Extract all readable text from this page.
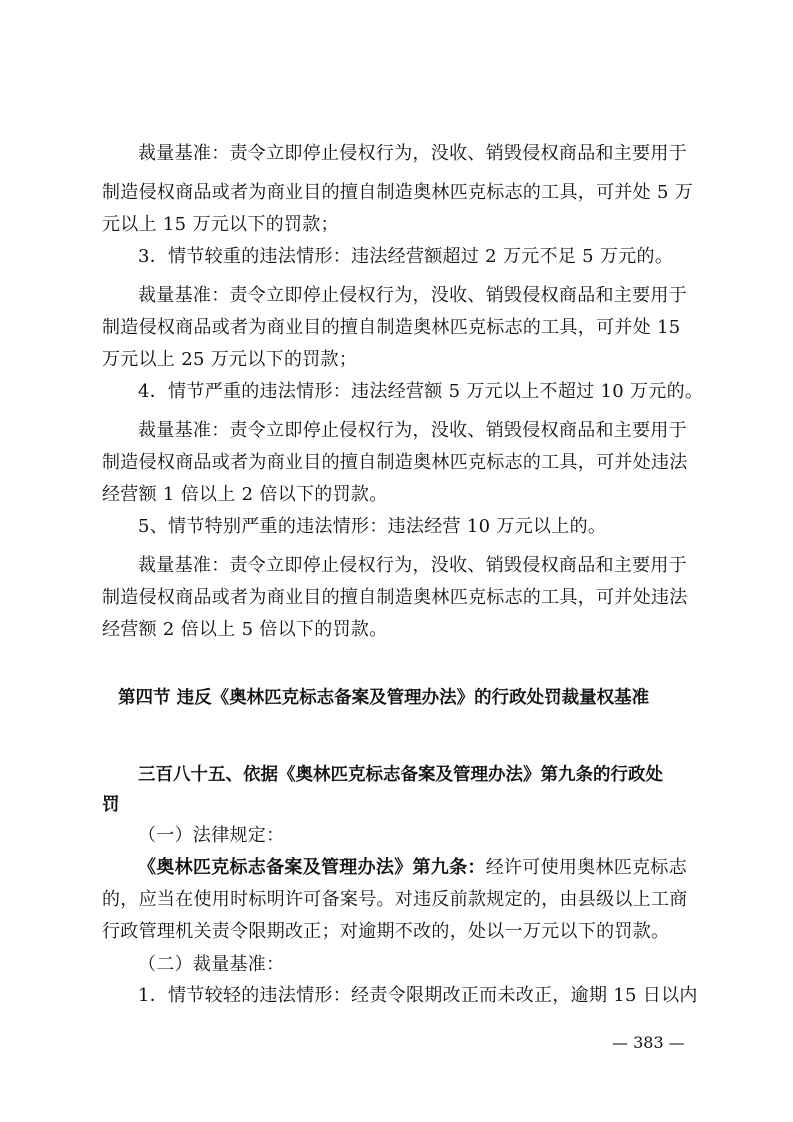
裁量基准：责令立即停止侵权行为，没收、销毁侵权商品和主要用于
制造侵权商品或者为商业目的擅自制造奥林匹克标志的工具，可并处 5 万
元以上 15 万元以下的罚款；
3．情节较重的违法情形：违法经营额超过 2 万元不足 5 万元的。
裁量基准：责令立即停止侵权行为，没收、销毁侵权商品和主要用于
制造侵权商品或者为商业目的擅自制造奥林匹克标志的工具，可并处 15
万元以上 25 万元以下的罚款；
4．情节严重的违法情形：违法经营额 5 万元以上不超过 10 万元的。
裁量基准：责令立即停止侵权行为，没收、销毁侵权商品和主要用于
制造侵权商品或者为商业目的擅自制造奥林匹克标志的工具，可并处违法
经营额 1 倍以上 2 倍以下的罚款。
5、情节特别严重的违法情形：违法经营 10 万元以上的。
裁量基准：责令立即停止侵权行为，没收、销毁侵权商品和主要用于
制造侵权商品或者为商业目的擅自制造奥林匹克标志的工具，可并处违法
经营额 2 倍以上 5 倍以下的罚款。
第四节 违反《奥林匹克标志备案及管理办法》的行政处罚裁量权基准
三百八十五、依据《奥林匹克标志备案及管理办法》第九条的行政处
罚
（一）法律规定：
《奥林匹克标志备案及管理办法》第九条：经许可使用奥林匹克标志
的，应当在使用时标明许可备案号。对违反前款规定的，由县级以上工商
行政管理机关责令限期改正；对逾期不改的，处以一万元以下的罚款。
（二）裁量基准：
1．情节较轻的违法情形：经责令限期改正而未改正，逾期 15 日以内
— 383 —
